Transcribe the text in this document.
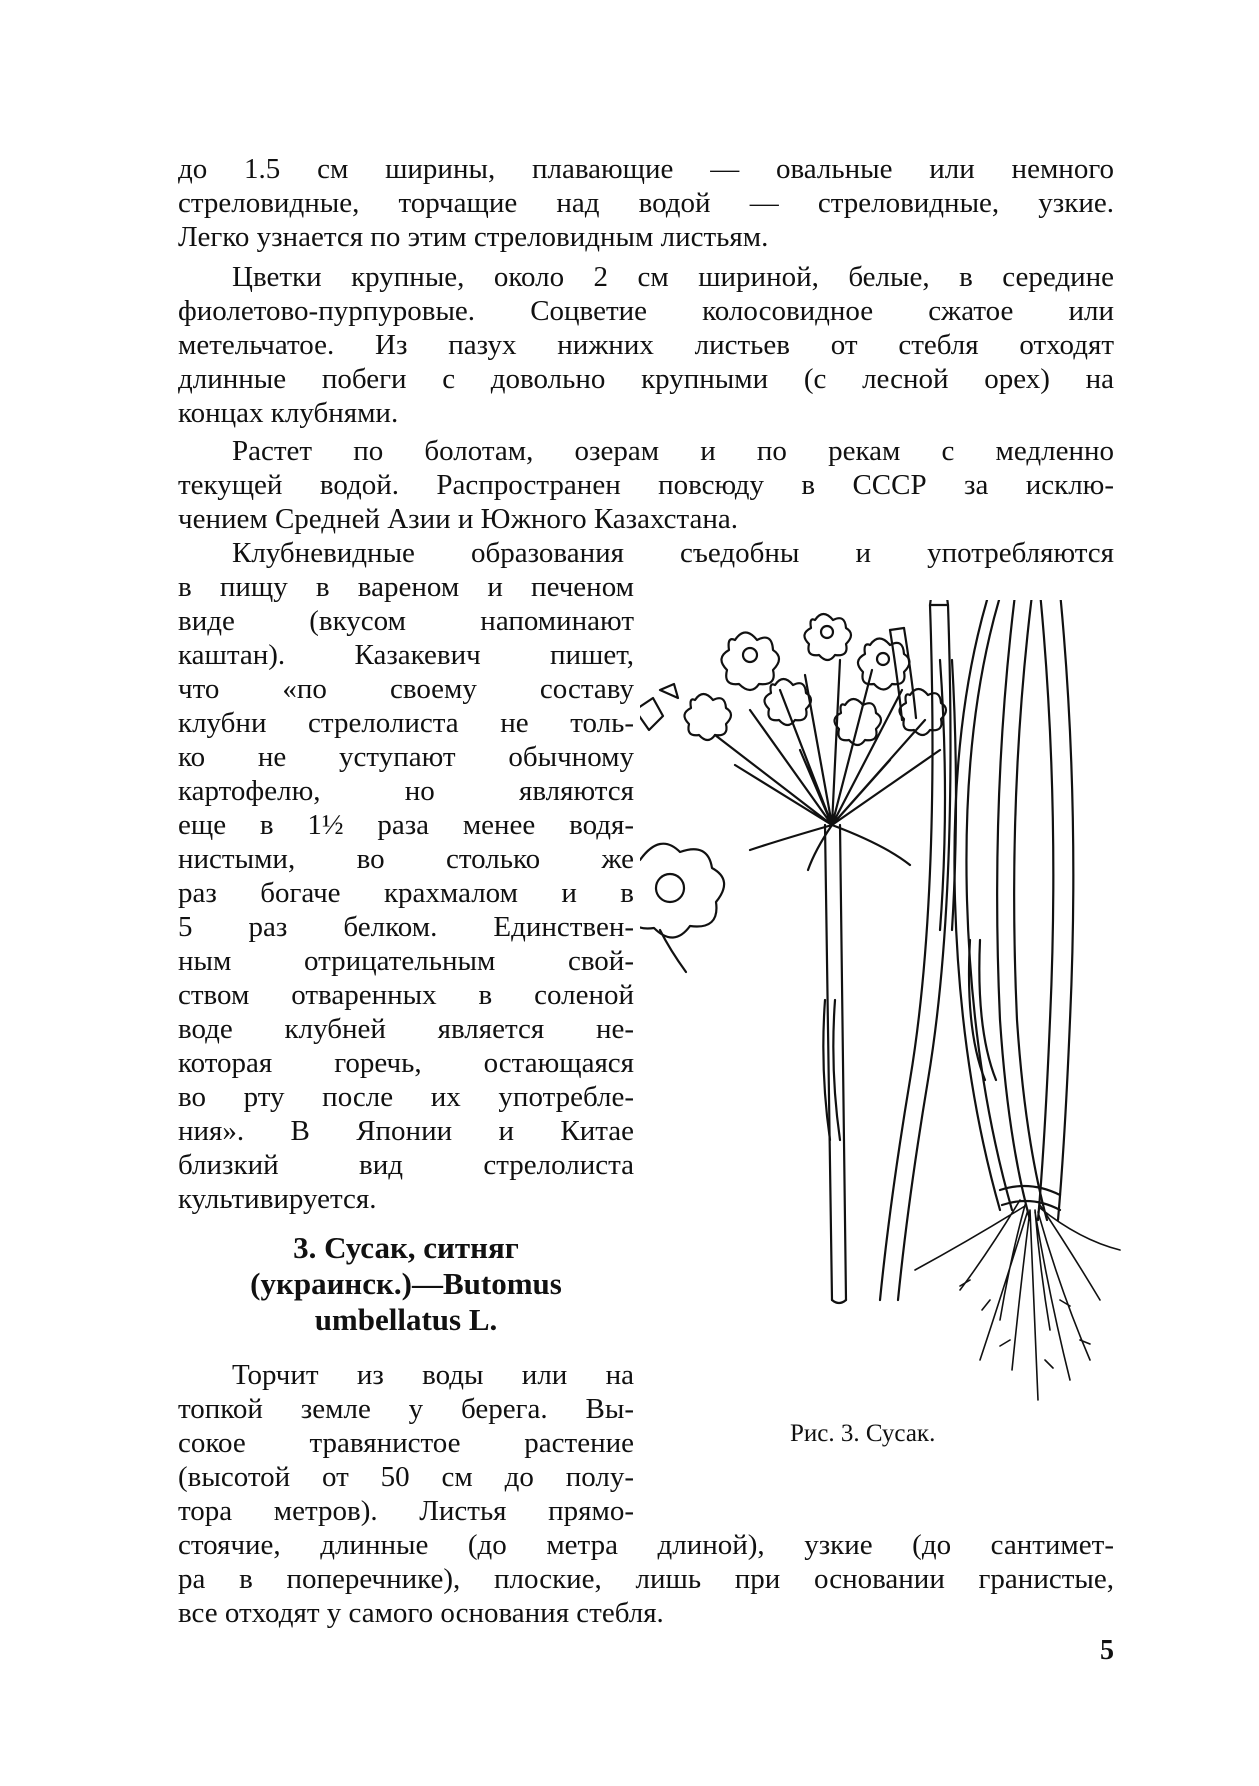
до 1.5 см ширины, плавающие — овальные или немного
стреловидные, торчащие над водой — стреловидные, узкие.
Легко узнается по этим стреловидным листьям.
Цветки крупные, около 2 см шириной, белые, в середине
фиолетово-пурпуровые. Соцветие колосовидное сжатое или
метельчатое. Из пазух нижних листьев от стебля отходят
длинные побеги с довольно крупными (с лесной орех) на
концах клубнями.
Растет по болотам, озерам и по рекам с медленно
текущей водой. Распространен повсюду в СССР за исклю-
чением Средней Азии и Южного Казахстана.
Клубневидные образования съедобны и употребляются
в пищу в вареном и печеном
виде (вкусом напоминают
каштан). Казакевич пишет,
что «по своему составу
клубни стрелолиста не толь-
ко не уступают обычному
картофелю, но являются
еще в 1½ раза менее водя-
нистыми, во столько же
раз богаче крахмалом и в
5 раз белком. Единствен-
ным отрицательным свой-
ством отваренных в соленой
воде клубней является не-
которая горечь, остающаяся
во рту после их употребле-
ния». В Японии и Китае
близкий вид стрелолиста
культивируется.
3. Сусак, ситняг
(украинск.)—Butomus
umbellatus L.
Торчит из воды или на
топкой земле у берега. Вы-
сокое травянистое растение
(высотой от 50 см до полу-
тора метров). Листья прямо-
стоячие, длинные (до метра длиной), узкие (до сантимет-
ра в поперечнике), плоские, лишь при основании гранистые,
все отходят у самого основания стебля.
Рис. 3. Сусак.
5
